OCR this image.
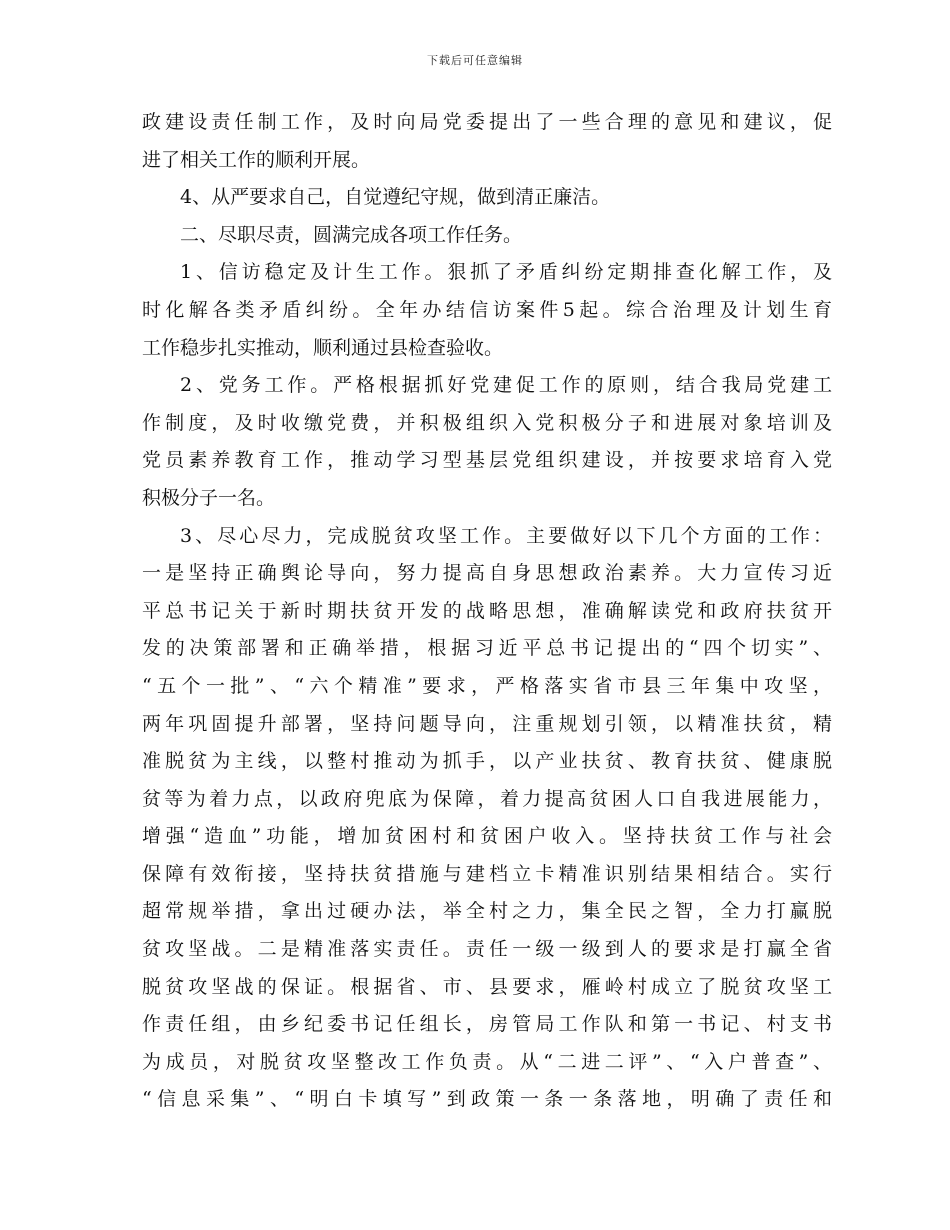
下载后可任意编辑
政建设责任制工作，及时向局党委提出了一些合理的意见和建议，促
进了相关工作的顺利开展。
4、从严要求自己，自觉遵纪守规，做到清正廉洁。
二、尽职尽责，圆满完成各项工作任务。
1、信访稳定及计生工作。狠抓了矛盾纠纷定期排查化解工作，及
时化解各类矛盾纠纷。全年办结信访案件5起。综合治理及计划生育
工作稳步扎实推动，顺利通过县检查验收。
2、党务工作。严格根据抓好党建促工作的原则，结合我局党建工
作制度，及时收缴党费，并积极组织入党积极分子和进展对象培训及
党员素养教育工作，推动学习型基层党组织建设，并按要求培育入党
积极分子一名。
3、尽心尽力，完成脱贫攻坚工作。主要做好以下几个方面的工作：
一是坚持正确舆论导向，努力提高自身思想政治素养。大力宣传习近
平总书记关于新时期扶贫开发的战略思想，准确解读党和政府扶贫开
发的决策部署和正确举措，根据习近平总书记提出的“四个切实”、
“五个一批”、“六个精准”要求，严格落实省市县三年集中攻坚，
两年巩固提升部署，坚持问题导向，注重规划引领，以精准扶贫，精
准脱贫为主线，以整村推动为抓手，以产业扶贫、教育扶贫、健康脱
贫等为着力点，以政府兜底为保障，着力提高贫困人口自我进展能力，
增强“造血”功能，增加贫困村和贫困户收入。坚持扶贫工作与社会
保障有效衔接，坚持扶贫措施与建档立卡精准识别结果相结合。实行
超常规举措，拿出过硬办法，举全村之力，集全民之智，全力打赢脱
贫攻坚战。二是精准落实责任。责任一级一级到人的要求是打赢全省
脱贫攻坚战的保证。根据省、市、县要求，雁岭村成立了脱贫攻坚工
作责任组，由乡纪委书记任组长，房管局工作队和第一书记、村支书
为成员，对脱贫攻坚整改工作负责。从“二进二评”、“入户普查”、
“信息采集”、“明白卡填写”到政策一条一条落地，明确了责任和
